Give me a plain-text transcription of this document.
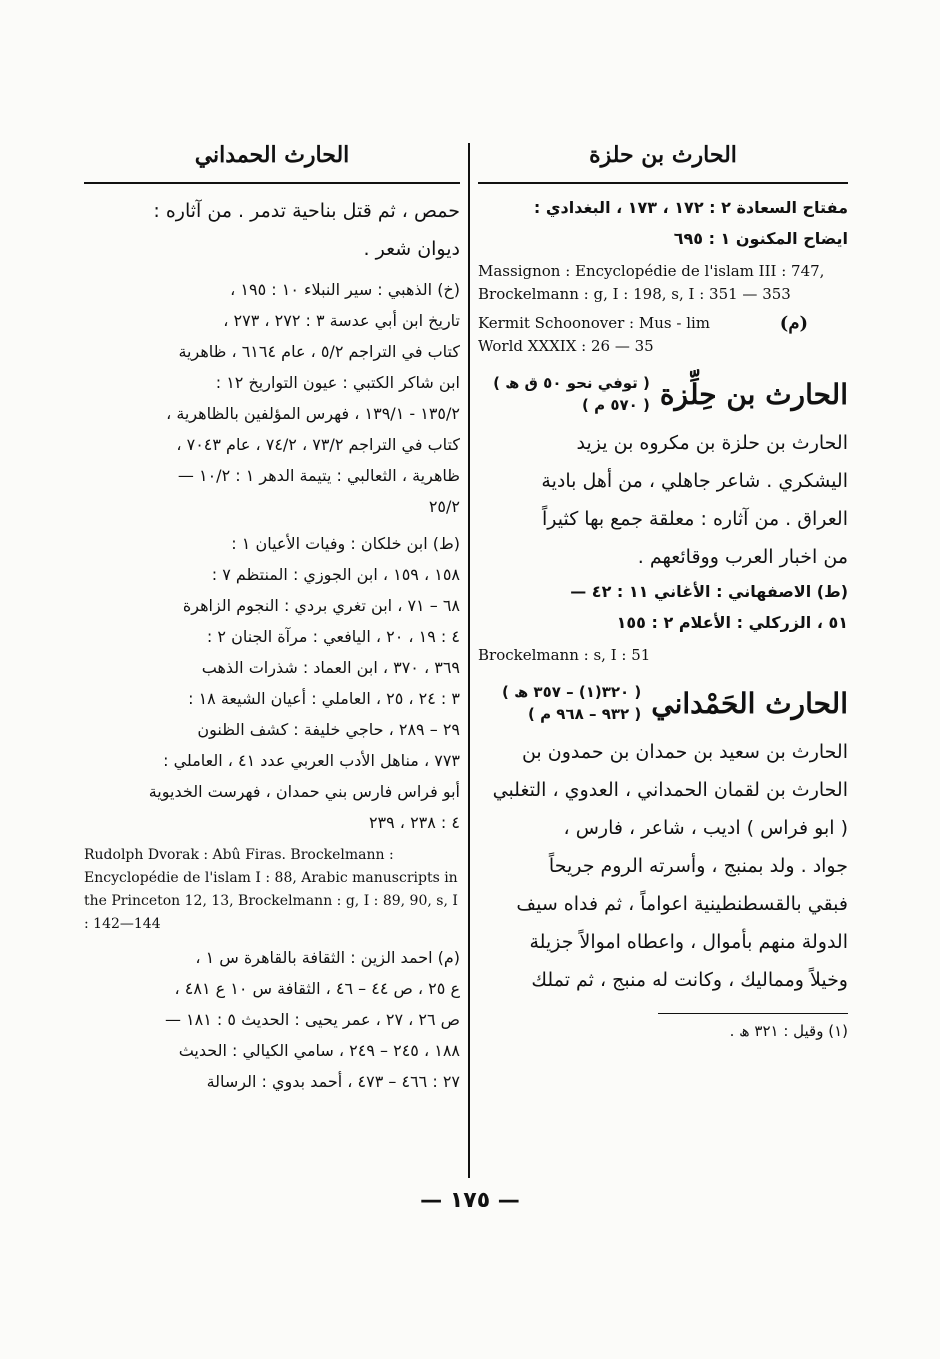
الحارث بن حلزة

مفتاح السعادة ٢ : ١٧٢ ، ١٧٣ ، البغدادي :

ايضاح المكنون ١ : ٦٩٥

Massignon : Encyclopédie de l'islam III : 747, Brockelmann : g, I : 198, s, I : 351 — 353
Kermit Schoonover : Mus - lim World XXXIX : 26 — 35
(م)
الحارث بن حِلِّزة
( توفي نحو ٥٠ ق ھ )
( ٥٧٠ م )

الحارث بن حلزة بن مكروه بن يزيد

اليشكري . شاعر جاهلي ، من أهل بادية

العراق . من آثاره : معلقة جمع بها كثيراً

من اخبار العرب ووقائعهم .

(ط) الاصفهاني : الأغاني ١١ : ٤٢ —

٥١ ، الزركلي : الأعلام ٢ : ١٥٥

Brockelmann : s, I : 51
الحارث الحَمْداني
( ٣٢٠(١) – ٣٥٧ ھ )
( ٩٣٢ – ٩٦٨ م )

الحارث بن سعيد بن حمدان بن حمدون بن

الحارث بن لقمان الحمداني ، العدوي ، التغلبي

( ابو فراس ) اديب ، شاعر ، فارس ،

جواد . ولد بمنبج ، وأسرته الروم جريحاً

فبقي بالقسطنطينية اعواماً ، ثم فداه سيف

الدولة منهم بأموال ، واعطاه اموالاً جزيلة

وخيلاً ومماليك ، وكانت له منبج ، ثم تملك

(١) وقيل : ٣٢١ ھ .
الحارث الحمداني

حمص ، ثم قتل بناحية تدمر . من آثاره :

ديوان شعر .

(خ) الذهبي : سير النبلاء ١٠ : ١٩٥ ،

تاريخ ابن أبي عدسة ٣ : ٢٧٢ ، ٢٧٣ ،

كتاب في التراجم ٥/٢ ، عام ٦١٦٤ ، ظاهرية

ابن شاكر الكتبي : عيون التواريخ ١٢ :

١٣٥/٢ - ١٣٩/١ ، فهرس المؤلفين بالظاهرية ،

كتاب في التراجم ٧٣/٢ ، ٧٤/٢ ، عام ٧٠٤٣ ،

ظاهرية ، الثعالبي : يتيمة الدهر ١ : ١٠/٢ —

٢٥/٢

(ط) ابن خلكان : وفيات الأعيان ١ :

١٥٨ ، ١٥٩ ، ابن الجوزي : المنتظم ٧ :

٦٨ – ٧١ ، ابن تغري بردي : النجوم الزاهرة

٤ : ١٩ ، ٢٠ ، اليافعي : مرآة الجنان ٢ :

٣٦٩ ، ٣٧٠ ، ابن العماد : شذرات الذهب

٣ : ٢٤ ، ٢٥ ، العاملي : أعيان الشيعة ١٨ :

٢٩ – ٢٨٩ ، حاجي خليفة : كشف الظنون

٧٧٣ ، مناهل الأدب العربي عدد ٤١ ، العاملي :

أبو فراس فارس بني حمدان ، فهرست الخديوية

٤ : ٢٣٨ ، ٢٣٩

Rudolph Dvorak : Abû Firas. Brockelmann : Encyclopédie de l'islam I : 88, Arabic manuscripts in the Princeton 12, 13, Brockelmann : g, I : 89, 90, s, I : 142—144

(م) احمد الزين : الثقافة بالقاهرة س ١ ،

ع ٢٥ ، ص ٤٤ – ٤٦ ، الثقافة س ١٠ ع ٤٨١ ،

ص ٢٦ ، ٢٧ ، عمر يحيى : الحديث ٥ : ١٨١ —

١٨٨ ، ٢٤٥ – ٢٤٩ ، سامي الكيالي : الحديث

٢٧ : ٤٦٦ – ٤٧٣ ، أحمد بدوي : الرسالة

— ١٧٥ —
